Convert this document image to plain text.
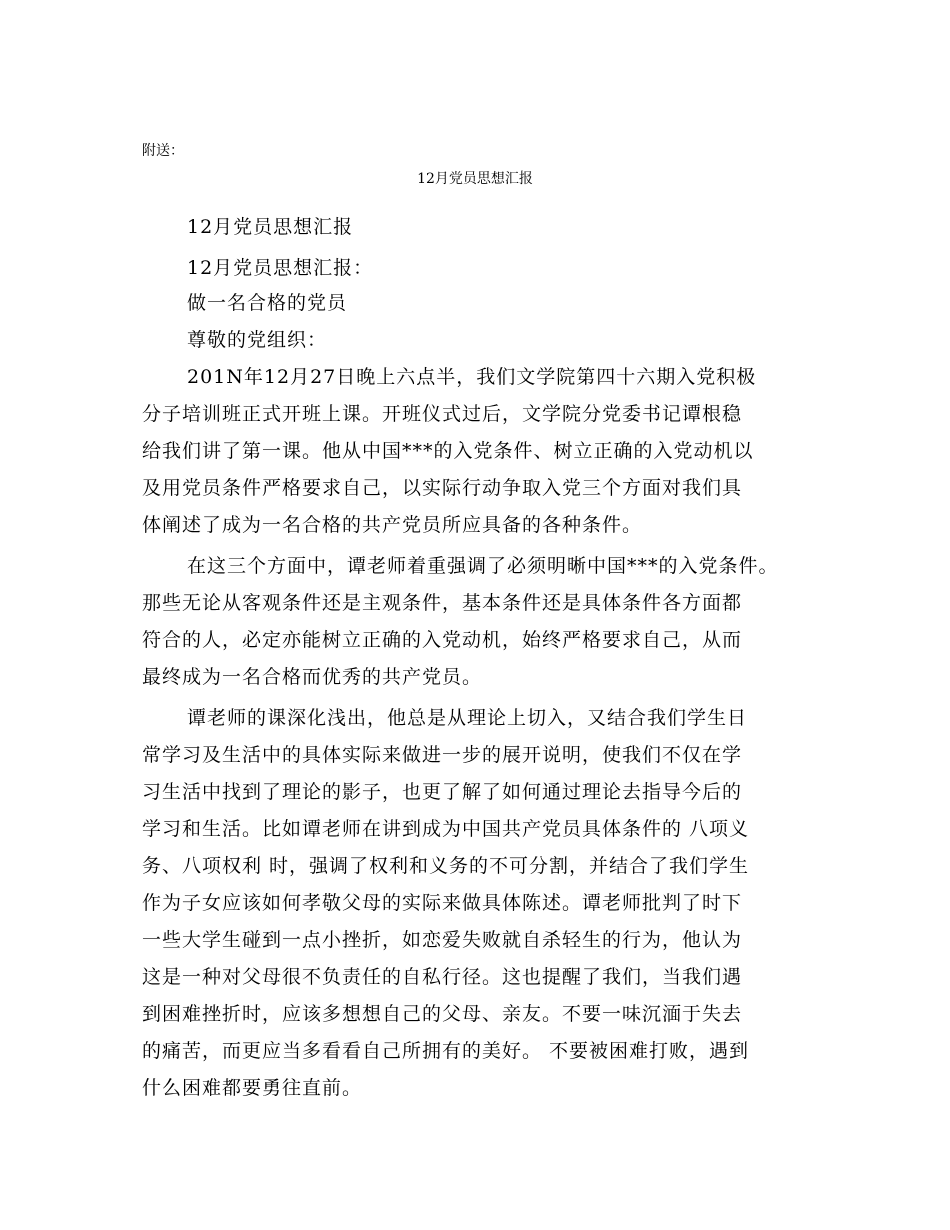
附送：

12月党员思想汇报

12月党员思想汇报

12月党员思想汇报：

做一名合格的党员

尊敬的党组织：

201N年12月27日晚上六点半，我们文学院第四十六期入党积极

分子培训班正式开班上课。开班仪式过后，文学院分党委书记谭根稳

给我们讲了第一课。他从中国***的入党条件、树立正确的入党动机以

及用党员条件严格要求自己，以实际行动争取入党三个方面对我们具

体阐述了成为一名合格的共产党员所应具备的各种条件。

在这三个方面中，谭老师着重强调了必须明晰中国***的入党条件。

那些无论从客观条件还是主观条件，基本条件还是具体条件各方面都

符合的人，必定亦能树立正确的入党动机，始终严格要求自己，从而

最终成为一名合格而优秀的共产党员。

谭老师的课深化浅出，他总是从理论上切入，又结合我们学生日

常学习及生活中的具体实际来做进一步的展开说明，使我们不仅在学

习生活中找到了理论的影子，也更了解了如何通过理论去指导今后的

学习和生活。比如谭老师在讲到成为中国共产党员具体条件的 八项义

务、八项权利 时，强调了权利和义务的不可分割，并结合了我们学生

作为子女应该如何孝敬父母的实际来做具体陈述。谭老师批判了时下

一些大学生碰到一点小挫折，如恋爱失败就自杀轻生的行为，他认为

这是一种对父母很不负责任的自私行径。这也提醒了我们，当我们遇

到困难挫折时，应该多想想自己的父母、亲友。不要一味沉湎于失去

的痛苦，而更应当多看看自己所拥有的美好。 不要被困难打败，遇到

什么困难都要勇往直前。
